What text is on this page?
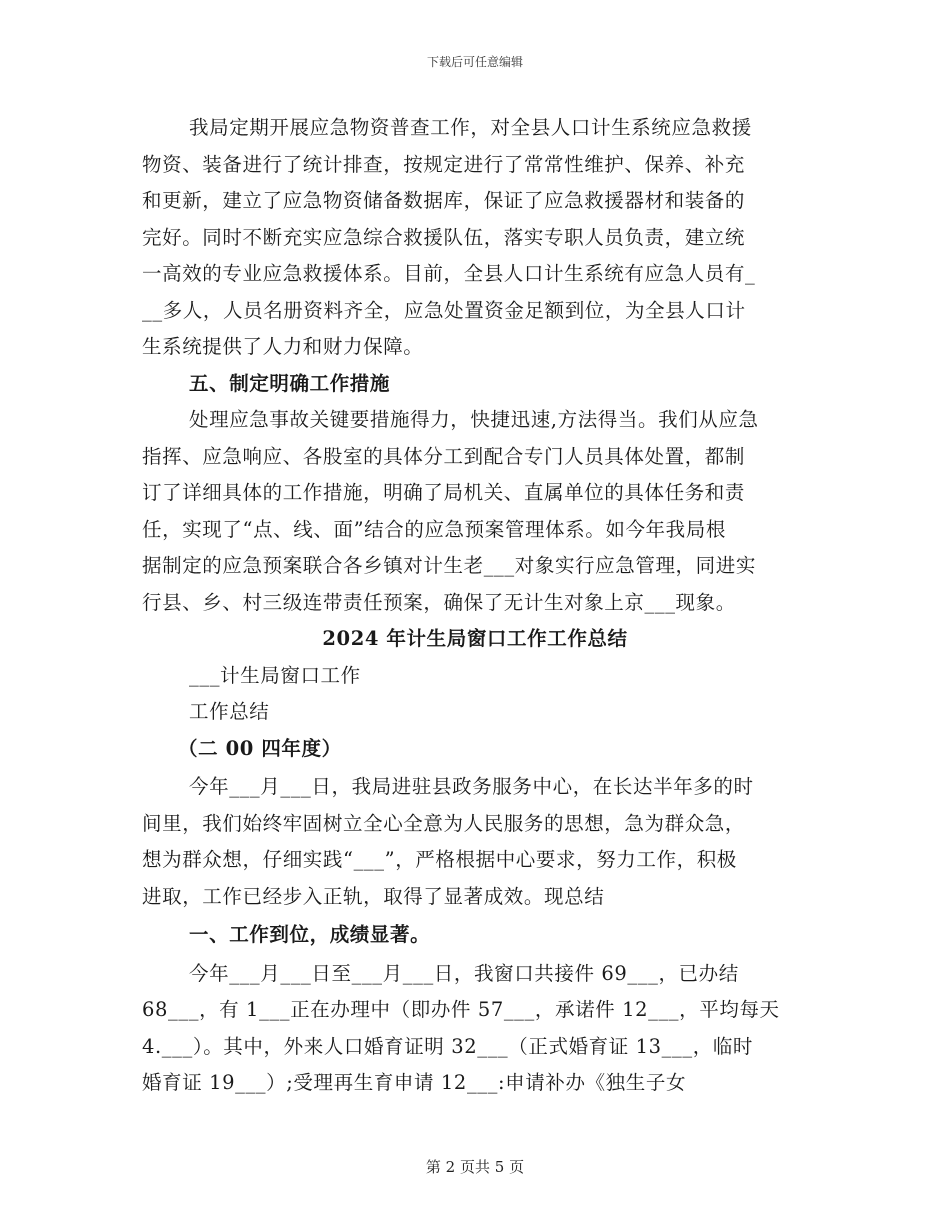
下载后可任意编辑

我局定期开展应急物资普查工作，对全县人口计生系统应急救援

物资、装备进行了统计排查，按规定进行了常常性维护、保养、补充

和更新，建立了应急物资储备数据库，保证了应急救援器材和装备的

完好。同时不断充实应急综合救援队伍，落实专职人员负责，建立统

一高效的专业应急救援体系。目前，全县人口计生系统有应急人员有_

__多人，人员名册资料齐全，应急处置资金足额到位，为全县人口计

生系统提供了人力和财力保障。

五、制定明确工作措施

处理应急事故关键要措施得力，快捷迅速,方法得当。我们从应急

指挥、应急响应、各股室的具体分工到配合专门人员具体处置，都制

订了详细具体的工作措施，明确了局机关、直属单位的具体任务和责

任，实现了“点、线、面”结合的应急预案管理体系。如今年我局根

据制定的应急预案联合各乡镇对计生老___对象实行应急管理，同进实

行县、乡、村三级连带责任预案，确保了无计生对象上京___现象。

2024 年计生局窗口工作工作总结

___计生局窗口工作

工作总结

（二 00 四年度）

今年___月___日，我局进驻县政务服务中心，在长达半年多的时

间里，我们始终牢固树立全心全意为人民服务的思想，急为群众急，

想为群众想，仔细实践“___”，严格根据中心要求，努力工作，积极

进取，工作已经步入正轨，取得了显著成效。现总结

一、工作到位，成绩显著。

今年___月___日至___月___日，我窗口共接件 69___，已办结

68___，有 1___正在办理中（即办件 57___，承诺件 12___，平均每天

4.___）。其中，外来人口婚育证明 32___（正式婚育证 13___，临时

婚育证 19___）;受理再生育申请 12___:申请补办《独生子女

第 2 页共 5 页
